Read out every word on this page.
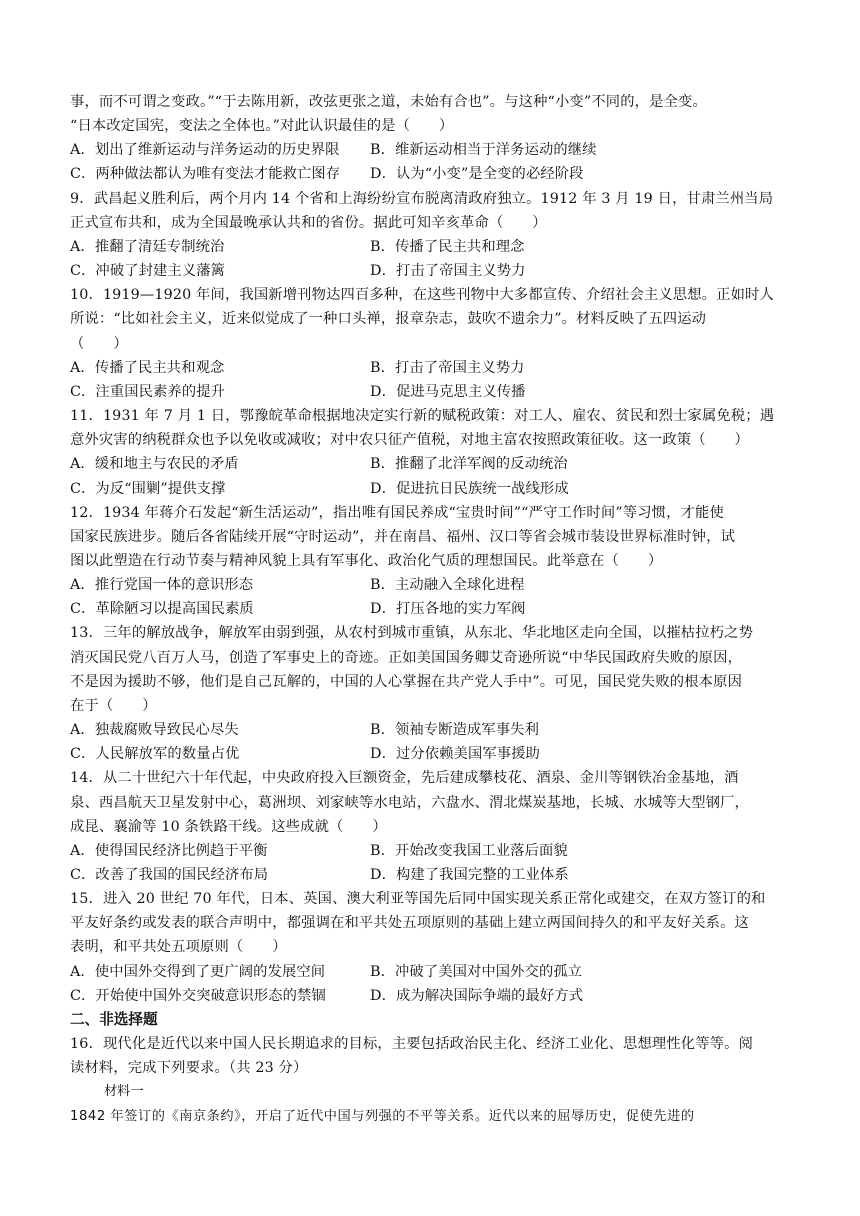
事，而不可谓之变政。”“于去陈用新，改弦更张之道，未始有合也”。与这种“小变”不同的，是全变。

“日本改定国宪，变法之全体也。”对此认识最佳的是（　　）

A．划出了维新运动与洋务运动的历史界限	B．维新运动相当于洋务运动的继续
C．两种做法都认为唯有变法才能救亡图存	D．认为“小变”是全变的必经阶段

9．武昌起义胜利后，两个月内 14 个省和上海纷纷宣布脱离清政府独立。1912 年 3 月 19 日，甘肃兰州当局

正式宣布共和，成为全国最晚承认共和的省份。据此可知辛亥革命（　　）

A．推翻了清廷专制统治	B．传播了民主共和理念
C．冲破了封建主义藩篱	D．打击了帝国主义势力

10．1919—1920 年间，我国新增刊物达四百多种，在这些刊物中大多都宣传、介绍社会主义思想。正如时人

所说：“比如社会主义，近来似觉成了一种口头禅，报章杂志，鼓吹不遗余力”。材料反映了五四运动

（　　）

A．传播了民主共和观念	B．打击了帝国主义势力
C．注重国民素养的提升	D．促进马克思主义传播

11．1931 年 7 月 1 日，鄂豫皖革命根据地决定实行新的赋税政策：对工人、雇农、贫民和烈士家属免税；遇

意外灾害的纳税群众也予以免收或减收；对中农只征产值税，对地主富农按照政策征收。这一政策（　　）

A．缓和地主与农民的矛盾	B．推翻了北洋军阀的反动统治
C．为反“围剿”提供支撑	D．促进抗日民族统一战线形成

12．1934 年蒋介石发起“新生活运动”，指出唯有国民养成“宝贵时间”“严守工作时间”等习惯，才能使

国家民族进步。随后各省陆续开展“守时运动”，并在南昌、福州、汉口等省会城市装设世界标准时钟，试

图以此塑造在行动节奏与精神风貌上具有军事化、政治化气质的理想国民。此举意在（　　）

A．推行党国一体的意识形态	B．主动融入全球化进程
C．革除陋习以提高国民素质	D．打压各地的实力军阀

13．三年的解放战争，解放军由弱到强，从农村到城市重镇，从东北、华北地区走向全国，以摧枯拉朽之势

消灭国民党八百万人马，创造了军事史上的奇迹。正如美国国务卿艾奇逊所说“中华民国政府失败的原因，

不是因为援助不够，他们是自己瓦解的，中国的人心掌握在共产党人手中”。可见，国民党失败的根本原因

在于（　　）

A．独裁腐败导致民心尽失	B．领袖专断造成军事失利
C．人民解放军的数量占优	D．过分依赖美国军事援助

14．从二十世纪六十年代起，中央政府投入巨额资金，先后建成攀枝花、酒泉、金川等钢铁冶金基地，酒

泉、西昌航天卫星发射中心，葛洲坝、刘家峡等水电站，六盘水、渭北煤炭基地，长城、水城等大型钢厂，

成昆、襄渝等 10 条铁路干线。这些成就（　　）

A．使得国民经济比例趋于平衡	B．开始改变我国工业落后面貌
C．改善了我国的国民经济布局	D．构建了我国完整的工业体系

15．进入 20 世纪 70 年代，日本、英国、澳大利亚等国先后同中国实现关系正常化或建交，在双方签订的和

平友好条约或发表的联合声明中，都强调在和平共处五项原则的基础上建立两国间持久的和平友好关系。这

表明，和平共处五项原则（　　）

A．使中国外交得到了更广阔的发展空间	B．冲破了美国对中国外交的孤立
C．开始使中国外交突破意识形态的禁锢	D．成为解决国际争端的最好方式
二、非选择题

16．现代化是近代以来中国人民长期追求的目标，主要包括政治民主化、经济工业化、思想理性化等等。阅

读材料，完成下列要求。（共 23 分）

材料一
1842 年签订的《南京条约》，开启了近代中国与列强的不平等关系。近代以来的屈辱历史，促使先进的
